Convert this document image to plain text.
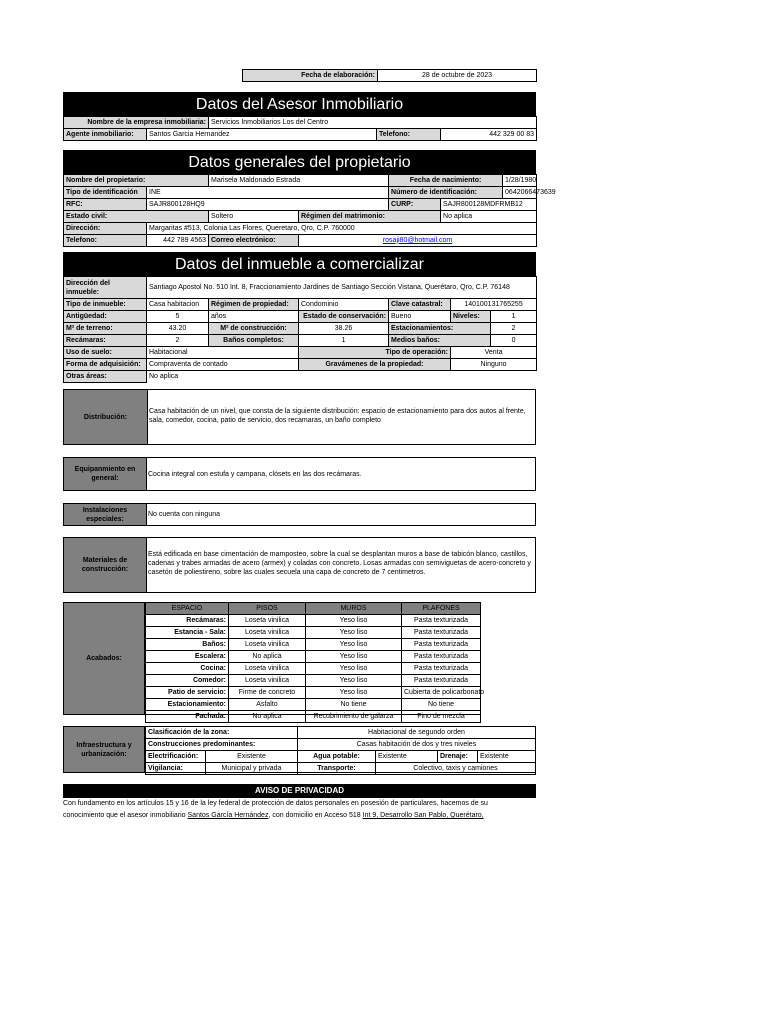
Fecha de elaboración:	28 de octubre de 2023
Datos del Asesor Inmobiliario
Nombre de la empresa inmobiliaria:		Servicios Inmobiliarios Los del Centro		
Agente inmobiliario:	Santos Garcia Hernandez		Telefono:	442 329 00 83
Datos generales del propietario
Nombre del propietario:		Marisela Maldonado Estrada		Fecha de nacimiento:		1/28/1980
Tipo de identificación	INE			Número de identificación:		0642066473639
RFC:	SAJR800128HQ9			CURP:	SAJR800128MDFRMB12	
Estado civil:		Soltero	Régimen del matrimonio:		No aplica	
Dirección:	Margaritas #513, Colonia Las Flores, Queretaro, Qro, C.P. 760000					
Telefono:	442 789 4563	Correo electrónico:	rosaji80@hotmail.com			
Datos del inmueble a comercializar
Dirección del inmueble:	Santiago Apostol No. 510 Int. 8, Fraccionamiento Jardines de Santiago Sección Vistana, Querétaro, Qro, C.P. 76148					
Tipo de inmueble:	Casa habitacion	Régimen de propiedad:	Condominio	Clave catastral:	140100131765255	
Antigüedad:	5	años	Estado de conservación:	Bueno	Niveles:	1
M² de terreno:	43.20	M² de construcción:	38.26	Estacionamientos:		2
Recámaras:	2	Baños completos:	1	Medios baños:		0
Uso de suelo:	Habitacional		Tipo de operación:		Venta	
Forma de adquisición:	Compraventa de contado		Gravámenes de la propiedad:		Ninguno	
Otras áreas:	No aplica					
Distribución:
Casa habitación de un nivel, que consta de la siguiente distribución: espacio de estacionamiento para dos autos al frente, sala, comedor, cocina, patio de servicio, dos recamaras, un baño completo
Equipanmiento en general:
Cocina integral con estufa y campana, clósets en las dos recámaras.
Instalaciones especiales:
No cuenta con ninguna
Materiales de construcción:
Está edificada en base cimentación de mamposteo, sobre la cual se desplantan muros a base de tabicón blanco, castillos, cadenas y trabes armadas de acero (armex) y coladas con concreto. Losas armadas con semiviguetas de acero-concreto y casetón de poliestireno, sobre las cuales secuela una capa de concreto de 7 centimetros.
Acabados:
ESPACIO	PISOS	MUROS	PLAFONES
Recámaras:	Loseta vinilica	Yeso liso	Pasta texturizada
Estancia - Sala:	Loseta vinilica	Yeso liso	Pasta texturizada
Baños:	Loseta vinilica	Yeso liso	Pasta texturizada
Escalera:	No aplica	Yeso liso	Pasta texturizada
Cocina:	Loseta vinilica	Yeso liso	Pasta texturizada
Comedor:	Loseta vinilica	Yeso liso	Pasta texturizada
Patio de servicio:	Firme de concreto	Yeso liso	Cubierta de policarbonato
Estacionamiento:	Asfalto	No tiene	No tiene
Fachada:	No aplica	Recubrimiento de galarza	Fino de mezcla
Infraestructura y urbanización:
Clasificación de la zona:		Habitacional de segundo orden			
Construcciones predominantes:		Casas habitación de dos y tres niveles			
Electrificación:	Existente	Agua potable:	Existente	Drenaje:	Existente
Vigilancia:	Municipal y privada	Transporte:	Colectivo, taxis y camiones		
AVISO DE PRIVACIDAD
Con fundamento en los artículos 15 y 16 de la ley federal de protección de datos personales en posesión de particulares, hacemos de su
conocimiento que el asesor inmobiliario Santos García Hernández, con domicilio en Acceso 518 Int 9, Desarrollo San Pablo, Querétaro,
